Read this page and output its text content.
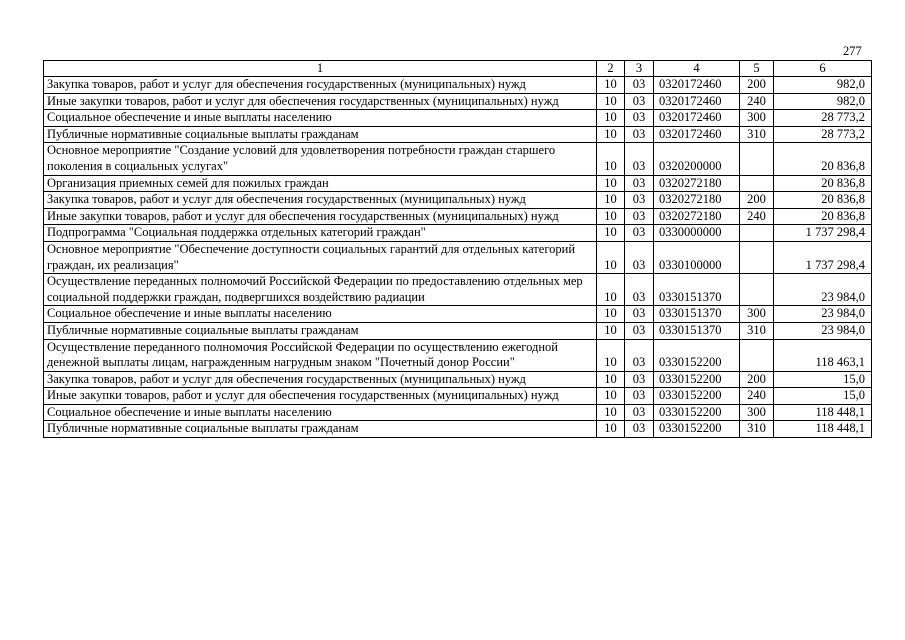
277
1	2	3	4	5	6
Закупка товаров, работ и услуг для обеспечения государственных (муниципальных) нужд	10	03	0320172460	200	982,0
Иные закупки товаров, работ и услуг для обеспечения государственных (муниципальных) нужд	10	03	0320172460	240	982,0
Социальное обеспечение и иные выплаты населению	10	03	0320172460	300	28 773,2
Публичные нормативные социальные выплаты гражданам	10	03	0320172460	310	28 773,2
Основное мероприятие "Создание условий для удовлетворения потребности граждан старшего поколения в социальных услугах"	10	03	0320200000		20 836,8
Организация приемных семей для пожилых граждан	10	03	0320272180		20 836,8
Закупка товаров, работ и услуг для обеспечения государственных (муниципальных) нужд	10	03	0320272180	200	20 836,8
Иные закупки товаров, работ и услуг для обеспечения государственных (муниципальных) нужд	10	03	0320272180	240	20 836,8
Подпрограмма "Социальная поддержка отдельных категорий граждан"	10	03	0330000000		1 737 298,4
Основное мероприятие "Обеспечение доступности социальных гарантий для отдельных категорий граждан, их реализация"	10	03	0330100000		1 737 298,4
Осуществление переданных полномочий Российской Федерации по предоставлению отдельных мер социальной поддержки граждан, подвергшихся воздействию радиации	10	03	0330151370		23 984,0
Социальное обеспечение и иные выплаты населению	10	03	0330151370	300	23 984,0
Публичные нормативные социальные выплаты гражданам	10	03	0330151370	310	23 984,0
Осуществление переданного полномочия Российской Федерации по осуществлению ежегодной денежной выплаты лицам, награжденным нагрудным знаком "Почетный донор России"	10	03	0330152200		118 463,1
Закупка товаров, работ и услуг для обеспечения государственных (муниципальных) нужд	10	03	0330152200	200	15,0
Иные закупки товаров, работ и услуг для обеспечения государственных (муниципальных) нужд	10	03	0330152200	240	15,0
Социальное обеспечение и иные выплаты населению	10	03	0330152200	300	118 448,1
Публичные нормативные социальные выплаты гражданам	10	03	0330152200	310	118 448,1
